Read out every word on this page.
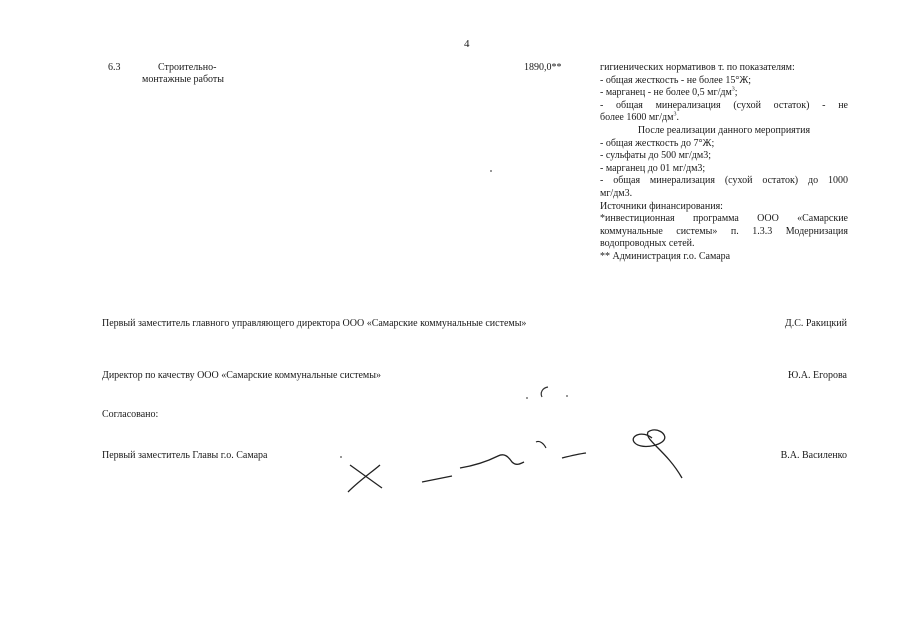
4
6.3	Строительно-
монтажные работы
1890,0**	гигиенических нормативов т. по показателям:
- общая жесткость - не более 15°Ж;
- марганец - не более 0,5 $мг/дм^3$;
- общая минерализация (сухой остаток) - не
более 1600 $мг/дм^3$.
После реализации данного мероприятия
- общая жесткость до 7°Ж;
- сульфаты до 500 мг/дм3;
- марганец до 01 мг/дм3;
- общая минерализация (сухой остаток) до 1000
мг/дм3.
Источники финансирования:
*инвестиционная программа ООО «Самарские
коммунальные системы» п. 1.3.3 Модернизация
водопроводных сетей.
** Администрация г.о. Самара
Первый заместитель главного управляющего директора ООО «Самарские коммунальные системы»	Д.С. Ракицкий
Директор по качеству ООО «Самарские коммунальные системы»	Ю.А. Егорова
Согласовано:
Первый заместитель Главы г.о. Самара	В.А. Василенко
